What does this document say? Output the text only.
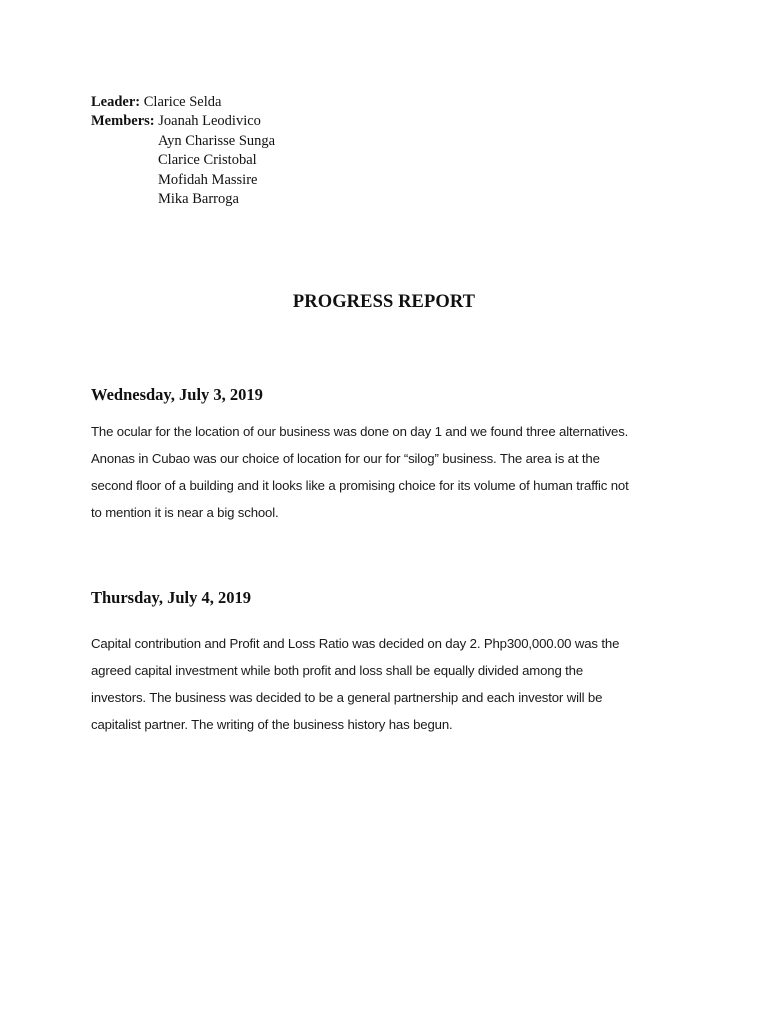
Leader: Clarice Selda
Members: Joanah Leodivico
Ayn Charisse Sunga
Clarice Cristobal
Mofidah Massire
Mika Barroga
PROGRESS REPORT
Wednesday, July 3, 2019
The ocular for the location of our business was done on day 1 and we found three alternatives.
Anonas in Cubao was our choice of location for our for “silog” business. The area is at the
second floor of a building and it looks like a promising choice for its volume of human traffic not
to mention it is near a big school.
Thursday, July 4, 2019
Capital contribution and Profit and Loss Ratio was decided on day 2. Php300,000.00 was the
agreed capital investment while both profit and loss shall be equally divided among the
investors. The business was decided to be a general partnership and each investor will be
capitalist partner. The writing of the business history has begun.
